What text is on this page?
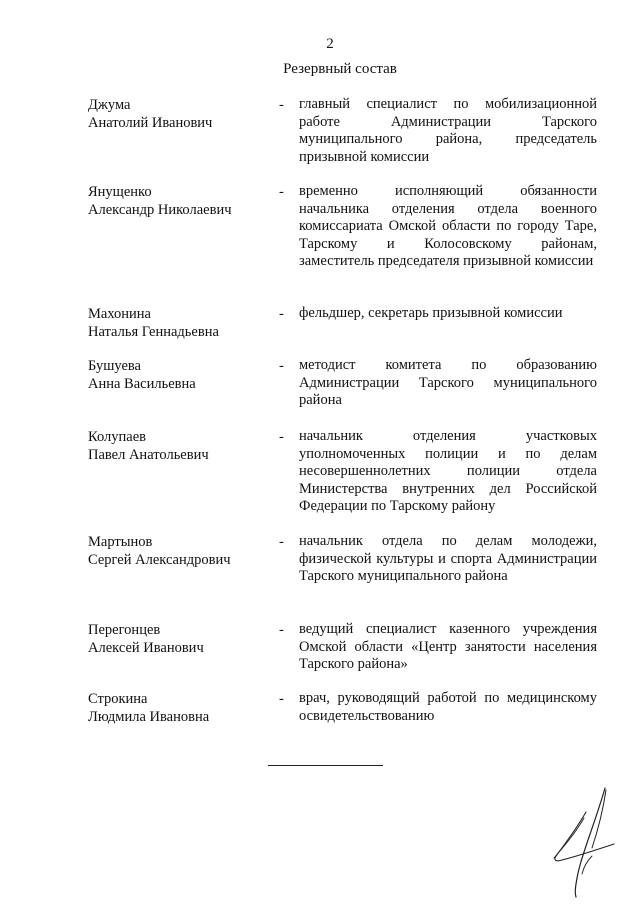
2
Резервный состав
Джума
Анатолий Иванович
- главный специалист по мобилизационной работе Администрации Тарского муниципального района, председатель призывной комиссии
Янущенко
Александр Николаевич
- временно исполняющий обязанности начальника отделения отдела военного комиссариата Омской области по городу Таре, Тарскому и Колосовскому районам, заместитель председателя призывной комиссии
Махонина
Наталья Геннадьевна
- фельдшер, секретарь призывной комиссии
Бушуева
Анна Васильевна
- методист комитета по образованию Администрации Тарского муниципального района
Колупаев
Павел Анатольевич
- начальник отделения участковых уполномоченных полиции и по делам несовершеннолетних полиции отдела Министерства внутренних дел Российской Федерации по Тарскому району
Мартынов
Сергей Александрович
- начальник отдела по делам молодежи, физической культуры и спорта Администрации Тарского муниципального района
Перегонцев
Алексей Иванович
- ведущий специалист казенного учреждения Омской области «Центр занятости населения Тарского района»
Строкина
Людмила Ивановна
- врач, руководящий работой по медицинскому освидетельствованию
